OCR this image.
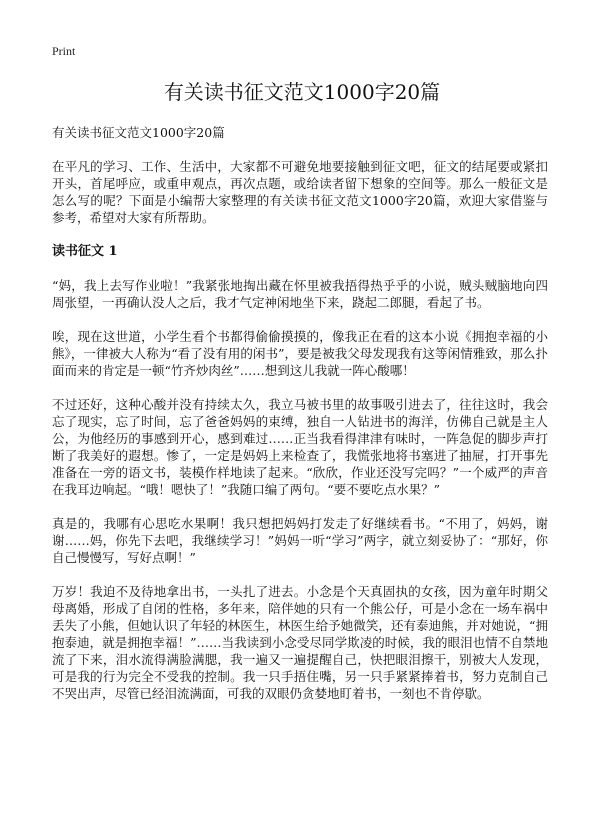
Print
有关读书征文范文1000字20篇
有关读书征文范文1000字20篇

在平凡的学习、工作、生活中，大家都不可避免地要接触到征文吧，征文的结尾要或紧扣开头，首尾呼应，或重申观点，再次点题，或给读者留下想象的空间等。那么一般征文是怎么写的呢？下面是小编帮大家整理的有关读书征文范文1000字20篇，欢迎大家借鉴与参考，希望对大家有所帮助。

读书征文 1

“妈，我上去写作业啦！”我紧张地掏出藏在怀里被我捂得热乎乎的小说，贼头贼脑地向四周张望，一再确认没人之后，我才气定神闲地坐下来，跷起二郎腿，看起了书。

唉，现在这世道，小学生看个书都得偷偷摸摸的，像我正在看的这本小说《拥抱幸福的小熊》，一律被大人称为“看了没有用的闲书”，要是被我父母发现我有这等闲情雅致，那么扑面而来的肯定是一顿“竹齐炒肉丝”……想到这儿我就一阵心酸哪！

不过还好，这种心酸并没有持续太久，我立马被书里的故事吸引进去了，往往这时，我会忘了现实，忘了时间，忘了爸爸妈妈的束缚，独自一人钻进书的海洋，仿佛自己就是主人公，为他经历的事感到开心，感到难过……正当我看得津津有味时，一阵急促的脚步声打断了我美好的遐想。惨了，一定是妈妈上来检查了，我慌张地将书塞进了抽屉，打开事先准备在一旁的语文书，装模作样地读了起来。“欣欣，作业还没写完吗？”一个威严的声音在我耳边响起。“哦！嗯快了！”我随口编了两句。“要不要吃点水果？”

真是的，我哪有心思吃水果啊！我只想把妈妈打发走了好继续看书。“不用了，妈妈，谢谢……妈，你先下去吧，我继续学习！”妈妈一听“学习”两字，就立刻妥协了：“那好，你自己慢慢写，写好点啊！”

万岁！我迫不及待地拿出书，一头扎了进去。小念是个天真固执的女孩，因为童年时期父母离婚，形成了自闭的性格，多年来，陪伴她的只有一个熊公仔，可是小念在一场车祸中丢失了小熊，但她认识了年轻的林医生，林医生给予她微笑，还有泰迪熊，并对她说，“拥抱泰迪，就是拥抱幸福！”……当我读到小念受尽同学欺凌的时候，我的眼泪也情不自禁地流了下来，泪水流得满脸满腮，我一遍又一遍提醒自己，快把眼泪擦干，别被大人发现，可是我的行为完全不受我的控制。我一只手捂住嘴，另一只手紧紧捧着书，努力克制自己不哭出声，尽管已经泪流满面，可我的双眼仍贪婪地盯着书，一刻也不肯停歇。
